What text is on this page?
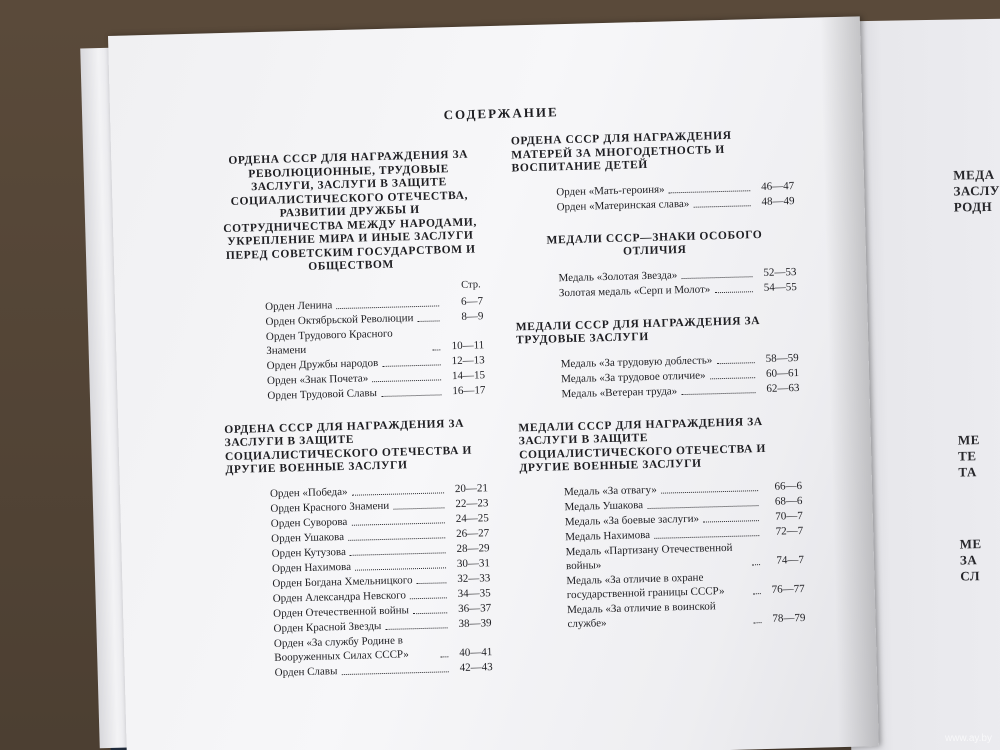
МЕДА
ЗАСЛУ
РОДН
МЕ
ТЕ
ТА
МЕ
ЗА
СЛ
СОДЕРЖАНИЕ
ОРДЕНА СССР ДЛЯ НАГРАЖДЕНИЯ ЗА РЕВОЛЮЦИОННЫЕ, ТРУДОВЫЕ ЗАСЛУГИ, ЗАСЛУГИ В ЗАЩИТЕ СОЦИАЛИСТИЧЕСКОГО ОТЕЧЕСТВА, РАЗВИТИИ ДРУЖБЫ И СОТРУДНИЧЕСТВА МЕЖДУ НАРОДАМИ, УКРЕПЛЕНИЕ МИРА И ИНЫЕ ЗАСЛУГИ ПЕРЕД СОВЕТСКИМ ГОСУДАРСТВОМ И ОБЩЕСТВОМ
Стр.
Орден Ленина	6—7
Орден Октябрьской Революции	8—9
Орден Трудового Красного Знамени	10—11
Орден Дружбы народов	12—13
Орден «Знак Почета»	14—15
Орден Трудовой Славы	16—17
ОРДЕНА СССР ДЛЯ НАГРАЖДЕНИЯ ЗА ЗАСЛУГИ В ЗАЩИТЕ СОЦИАЛИСТИЧЕСКОГО ОТЕЧЕСТВА И ДРУГИЕ ВОЕННЫЕ ЗАСЛУГИ
Орден «Победа»	20—21
Орден Красного Знамени	22—23
Орден Суворова	24—25
Орден Ушакова	26—27
Орден Кутузова	28—29
Орден Нахимова	30—31
Орден Богдана Хмельницкого	32—33
Орден Александра Невского	34—35
Орден Отечественной войны	36—37
Орден Красной Звезды	38—39
Орден «За службу Родине в Вооруженных Силах СССР»	40—41
Орден Славы	42—43
ОРДЕНА СССР ДЛЯ НАГРАЖДЕНИЯ МАТЕРЕЙ ЗА МНОГОДЕТНОСТЬ И ВОСПИТАНИЕ ДЕТЕЙ
Орден «Мать-героиня»	46—47
Орден «Материнская слава»	48—49
МЕДАЛИ СССР—ЗНАКИ ОСОБОГО ОТЛИЧИЯ
Медаль «Золотая Звезда»	52—53
Золотая медаль «Серп и Молот»	54—55
МЕДАЛИ СССР ДЛЯ НАГРАЖДЕНИЯ ЗА ТРУДОВЫЕ ЗАСЛУГИ
Медаль «За трудовую доблесть»	58—59
Медаль «За трудовое отличие»	60—61
Медаль «Ветеран труда»	62—63
МЕДАЛИ СССР ДЛЯ НАГРАЖДЕНИЯ ЗА ЗАСЛУГИ В ЗАЩИТЕ СОЦИАЛИСТИЧЕСКОГО ОТЕЧЕСТВА И ДРУГИЕ ВОЕННЫЕ ЗАСЛУГИ
Медаль «За отвагу»	66—6
Медаль Ушакова	68—6
Медаль «За боевые заслуги»	70—7
Медаль Нахимова	72—7
Медаль «Партизану Отечественной войны»	74—7
Медаль «За отличие в охране государственной границы СССР»	76—77
Медаль «За отличие в воинской службе»	78—79
www.ay.by
